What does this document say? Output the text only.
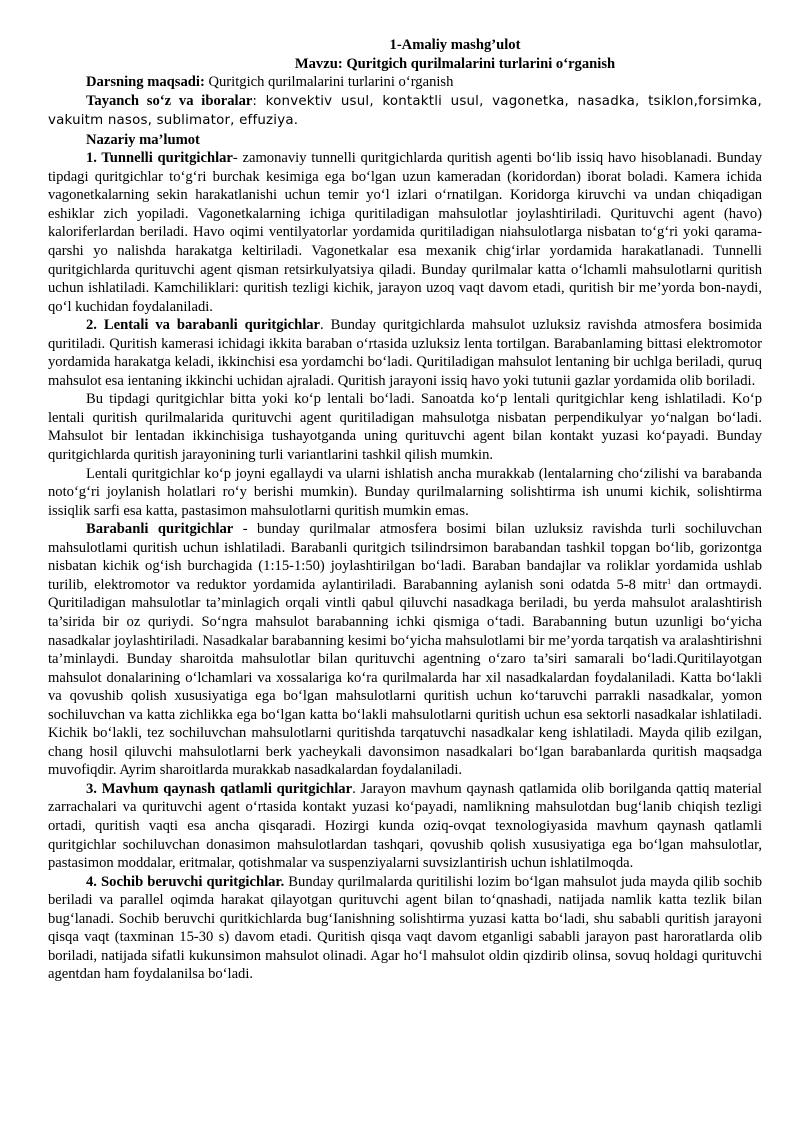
1-Amaliy mashg’ulot
Mavzu: Quritgich qurilmalarini turlarini o‘rganish

Darsning maqsadi: Quritgich qurilmalarini turlarini o‘rganish

Tayanch so‘z va iboralar: konvektiv usul, kontaktli usul, vagonetka, nasadka, tsiklon,forsimka, vakuitm nasos, sublimator, effuziya.

Nazariy ma’lumot

1. Tunnelli quritgichlar- zamonaviy tunnelli quritgichlarda quritish agenti bo‘lib issiq havo hisoblanadi. Bunday tipdagi quritgichlar to‘g‘ri burchak kesimiga ega bo‘lgan uzun kameradan (koridordan) iborat boladi. Kamera ichida vagonetkalarning sekin harakatlanishi uchun temir yo‘l izlari o‘rnatilgan. Koridorga kiruvchi va undan chiqadigan eshiklar zich yopiladi. Vagonetkalarning ichiga quritiladigan mahsulotlar joylashtiriladi. Qurituvchi agent (havo) kaloriferlardan beriladi. Havo oqimi ventilyatorlar yordamida quritiladigan niahsulotlarga nisbatan to‘g‘ri yoki qarama-qarshi yo nalishda harakatga keltiriladi. Vagonetkalar esa mexanik chig‘irlar yordamida harakatlanadi. Tunnelli quritgichlarda qurituvchi agent qisman retsirkulyatsiya qiladi. Bunday qurilmalar katta o‘lchamli mahsulotlarni quritish uchun ishlatiladi. Kamchiliklari: quritish tezligi kichik, jarayon uzoq vaqt davom etadi, quritish bir me’yorda bon-naydi, qo‘l kuchidan foydalaniladi.

2. Lentali va barabanli quritgichlar. Bunday quritgichlarda mahsulot uzluksiz ravishda atmosfera bosimida quritiladi. Quritish kamerasi ichidagi ikkita baraban o‘rtasida uzluksiz lenta tortilgan. Barabanlaming bittasi elektromotor yordamida harakatga keladi, ikkinchisi esa yordamchi bo‘ladi. Quritiladigan mahsulot lentaning bir uchlga beriladi, quruq mahsulot esa ientaning ikkinchi uchidan ajraladi. Quritish jarayoni issiq havo yoki tutunii gazlar yordamida olib boriladi.

Bu tipdagi quritgichlar bitta yoki ko‘p lentali bo‘ladi. Sanoatda ko‘p lentali quritgichlar keng ishlatiladi. Ko‘p lentali quritish qurilmalarida qurituvchi agent quritiladigan mahsulotga nisbatan perpendikulyar yo‘nalgan bo‘ladi. Mahsulot bir lentadan ikkinchisiga tushayotganda uning qurituvchi agent bilan kontakt yuzasi ko‘payadi. Bunday quritgichlarda quritish jarayonining turli variantlarini tashkil qilish mumkin.

Lentali quritgichlar ko‘p joyni egallaydi va ularni ishlatish ancha murakkab (lentalarning cho‘zilishi va barabanda noto‘g‘ri joylanish holatlari ro‘y berishi mumkin). Bunday qurilmalarning solishtirma ish unumi kichik, solishtirma issiqlik sarfi esa katta, pastasimon mahsulotlarni quritish mumkin emas.

Barabanli quritgichlar - bunday qurilmalar atmosfera bosimi bilan uzluksiz ravishda turli sochiluvchan mahsulotlami quritish uchun ishlatiladi. Barabanli quritgich tsilindrsimon barabandan tashkil topgan bo‘lib, gorizontga nisbatan kichik og‘ish burchagida (1:15-1:50) joylashtirilgan bo‘ladi. Baraban bandajlar va roliklar yordamida ushlab turilib, elektromotor va reduktor yordamida aylantiriladi. Barabanning aylanish soni odatda 5-8 mitr$^1$ dan ortmaydi. Quritiladigan mahsulotlar ta’minlagich orqali vintli qabul qiluvchi nasadkaga beriladi, bu yerda mahsulot aralashtirish ta’sirida bir oz quriydi. So‘ngra mahsulot barabanning ichki qismiga o‘tadi. Barabanning butun uzunligi bo‘yicha nasadkalar joylashtiriladi. Nasadkalar barabanning kesimi bo‘yicha mahsulotlami bir me’yorda tarqatish va aralashtirishni ta’minlaydi. Bunday sharoitda mahsulotlar bilan qurituvchi agentning o‘zaro ta’siri samarali bo‘ladi.Quritilayotgan mahsulot donalarining o‘lchamlari va xossalariga ko‘ra qurilmalarda har xil nasadkalardan foydalaniladi. Katta bo‘lakli va qovushib qolish xususiyatiga ega bo‘lgan mahsulotlarni quritish uchun ko‘taruvchi parrakli nasadkalar, yomon sochiluvchan va katta zichlikka ega bo‘lgan katta bo‘lakli mahsulotlarni quritish uchun esa sektorli nasadkalar ishlatiladi. Kichik bo‘lakli, tez sochiluvchan mahsulotlarni quritishda tarqatuvchi nasadkalar keng ishlatiladi. Mayda qilib ezilgan, chang hosil qiluvchi mahsulotlarni berk yacheykali davonsimon nasadkalari bo‘lgan barabanlarda quritish maqsadga muvofiqdir. Ayrim sharoitlarda murakkab nasadkalardan foydalaniladi.

3. Mavhum qaynash qatlamli quritgichlar. Jarayon mavhum qaynash qatlamida olib borilganda qattiq material zarrachalari va qurituvchi agent o‘rtasida kontakt yuzasi ko‘payadi, namlikning mahsulotdan bug‘lanib chiqish tezligi ortadi, quritish vaqti esa ancha qisqaradi. Hozirgi kunda oziq-ovqat texnologiyasida mavhum qaynash qatlamli quritgichlar sochiluvchan donasimon mahsulotlardan tashqari, qovushib qolish xususiyatiga ega bo‘lgan mahsulotlar, pastasimon moddalar, eritmalar, qotishmalar va suspenziyalarni suvsizlantirish uchun ishlatilmoqda.

4. Sochib beruvchi quritgichlar. Bunday qurilmalarda quritilishi lozim bo‘lgan mahsulot juda mayda qilib sochib beriladi va parallel oqimda harakat qilayotgan qurituvchi agent bilan to‘qnashadi, natijada namlik katta tezlik bilan bug‘lanadi. Sochib beruvchi quritkichlarda bug‘Ianishning solishtirma yuzasi katta bo‘ladi, shu sababli quritish jarayoni qisqa vaqt (taxminan 15-30 s) davom etadi. Quritish qisqa vaqt davom etganligi sababli jarayon past haroratlarda olib boriladi, natijada sifatli kukunsimon mahsulot olinadi. Agar ho‘l mahsulot oldin qizdirib olinsa, sovuq holdagi qurituvchi agentdan ham foydalanilsa bo‘ladi.
